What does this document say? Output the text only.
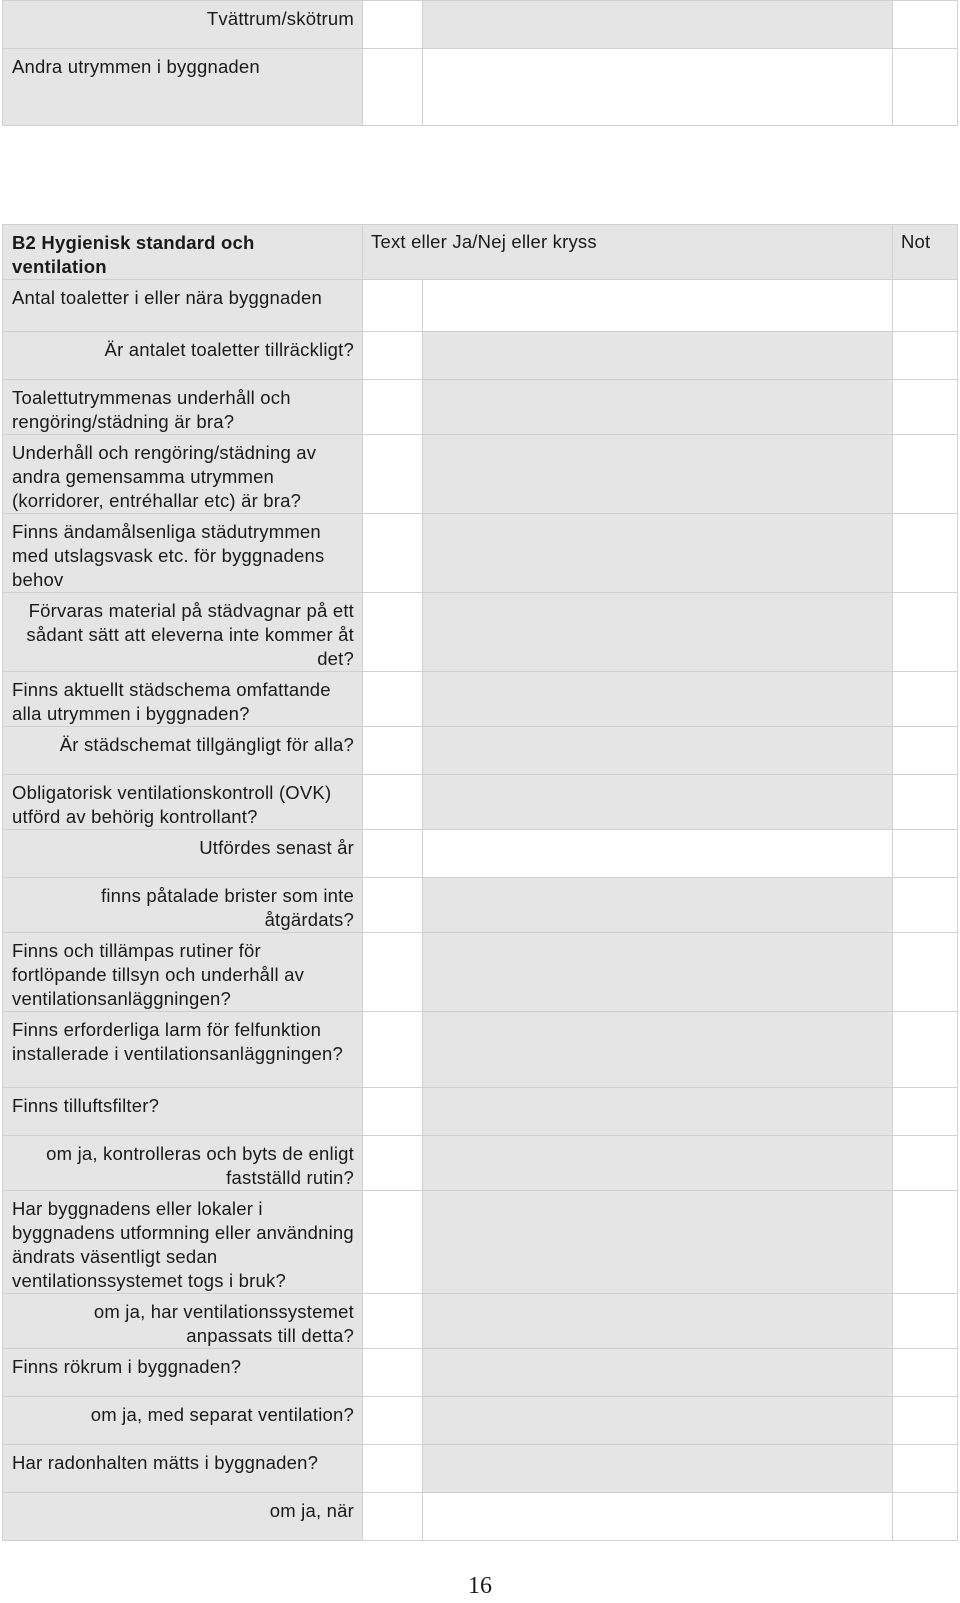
Tvättrum/skötrum			
Andra utrymmen i byggnaden			
B2 Hygienisk standard och ventilation	Text eller Ja/Nej eller kryss		Not
Antal toaletter i eller nära byggnaden			
Är antalet toaletter tillräckligt?			
Toalettutrymmenas underhåll och rengöring/städning är bra?			
Underhåll och rengöring/städning av andra gemensamma utrymmen (korridorer, entréhallar etc) är bra?			
Finns ändamålsenliga städutrymmen med utslagsvask etc. för byggnadens behov			
Förvaras material på städvagnar på ett sådant sätt att eleverna inte kommer åt det?			
Finns aktuellt städschema omfattande alla utrymmen i byggnaden?			
Är städschemat tillgängligt för alla?			
Obligatorisk ventilationskontroll (OVK) utförd av behörig kontrollant?			
Utfördes senast år			
finns påtalade brister som inte åtgärdats?			
Finns och tillämpas rutiner för fortlöpande tillsyn och underhåll av ventilationsanläggningen?			
Finns erforderliga larm för felfunktion installerade i ventilationsanläggningen?			
Finns tilluftsfilter?			
om ja, kontrolleras och byts de enligt fastställd rutin?			
Har byggnadens eller lokaler i byggnadens utformning eller användning ändrats väsentligt sedan ventilationssystemet togs i bruk?			
om ja, har ventilationssystemet anpassats till detta?			
Finns rökrum i byggnaden?			
om ja, med separat ventilation?			
Har radonhalten mätts i byggnaden?			
om ja, när			
16
